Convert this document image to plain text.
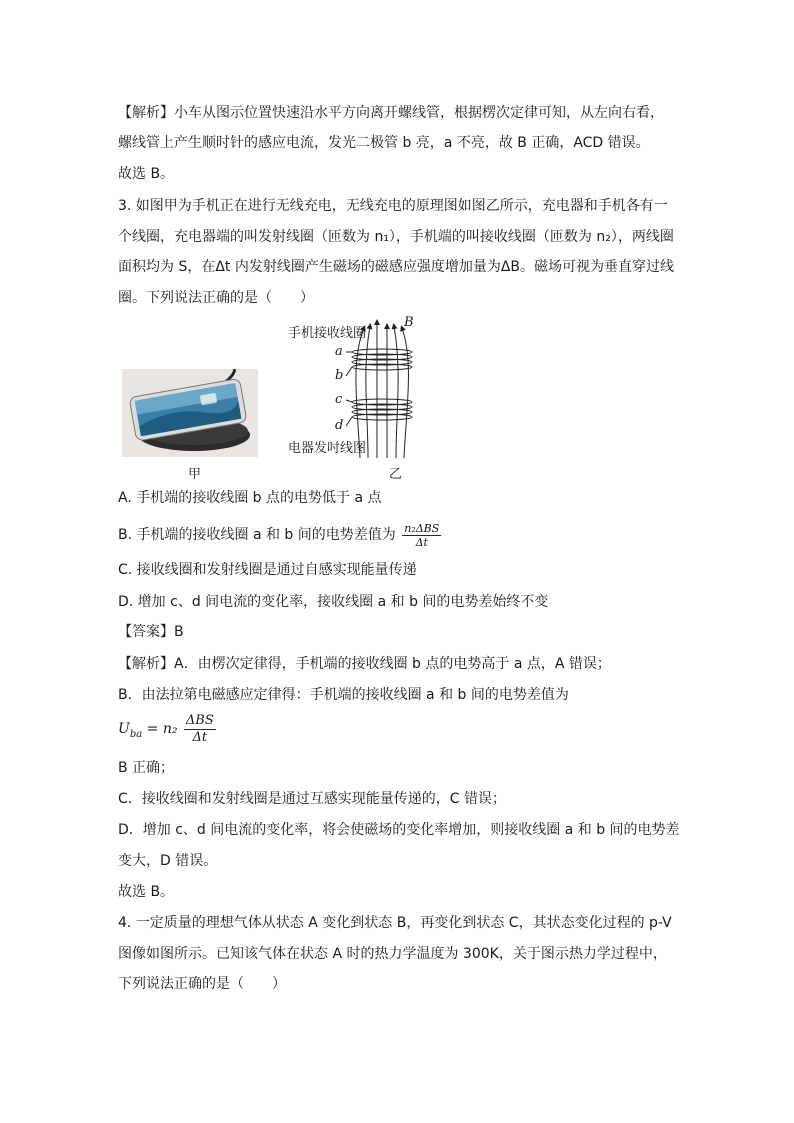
【解析】小车从图示位置快速沿水平方向离开螺线管，根据楞次定律可知，从左向右看，
螺线管上产生顺时针的感应电流，发光二极管 b 亮，a 不亮，故 B 正确，ACD 错误。
故选 B。
3. 如图甲为手机正在进行无线充电，无线充电的原理图如图乙所示，充电器和手机各有一
个线圈，充电器端的叫发射线圈（匝数为 n₁），手机端的叫接收线圈（匝数为 n₂），两线圈
面积均为 S，在Δt 内发射线圈产生磁场的磁感应强度增加量为ΔB。磁场可视为垂直穿过线
圈。下列说法正确的是（　　）
甲
手机接收线圈
B
a
b
c
d
电器发吋线图
乙
A. 手机端的接收线圈 b 点的电势低于 a 点
B. 手机端的接收线圈 a 和 b 间的电势差值为 $\frac{\text{n₂ΔBS}}{\Delta t}$
C. 接收线圈和发射线圈是通过自感实现能量传递
D. 增加 c、d 间电流的变化率，接收线圈 a 和 b 间的电势差始终不变
【答案】B
【解析】A．由楞次定律得，手机端的接收线圈 b 点的电势高于 a 点，A 错误；
B．由法拉第电磁感应定律得：手机端的接收线圈 a 和 b 间的电势差值为
$U_{ba} = n_2 \frac{\text{ΔBS}}{\Delta t}$
B 正确；
C．接收线圈和发射线圈是通过互感实现能量传递的，C 错误；
D．增加 c、d 间电流的变化率，将会使磁场的变化率增加，则接收线圈 a 和 b 间的电势差
变大，D 错误。
故选 B。
4. 一定质量的理想气体从状态 A 变化到状态 B，再变化到状态 C，其状态变化过程的 p-V
图像如图所示。已知该气体在状态 A 时的热力学温度为 300K，关于图示热力学过程中，
下列说法正确的是（　　）
